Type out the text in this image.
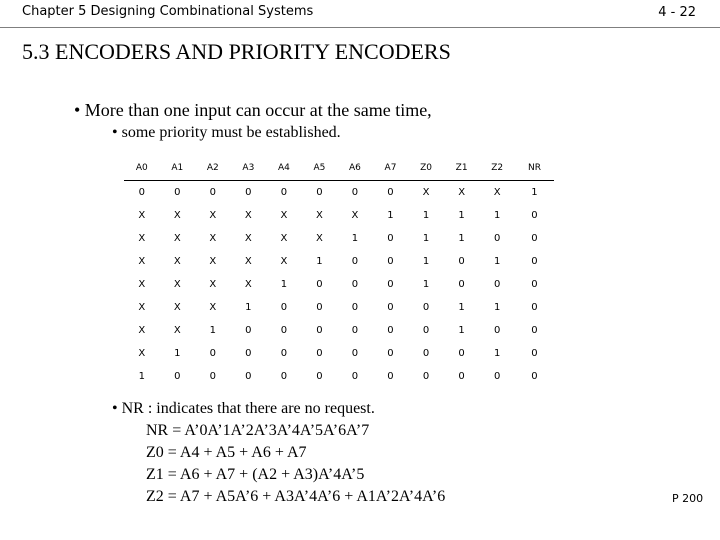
Chapter 5 Designing Combinational Systems	4 - 22
5.3 ENCODERS AND PRIORITY ENCODERS
• More than one input can occur at the same time,
• some priority must be established.
A0	A1	A2	A3	A4	A5	A6	A7	Z0	Z1	Z2	NR
0	0	0	0	0	0	0	0	X	X	X	1
X	X	X	X	X	X	X	1	1	1	1	0
X	X	X	X	X	X	1	0	1	1	0	0
X	X	X	X	X	1	0	0	1	0	1	0
X	X	X	X	1	0	0	0	1	0	0	0
X	X	X	1	0	0	0	0	0	1	1	0
X	X	1	0	0	0	0	0	0	1	0	0
X	1	0	0	0	0	0	0	0	0	1	0
1	0	0	0	0	0	0	0	0	0	0	0
• NR : indicates that there are no request.
NR = A’0A’1A’2A’3A’4A’5A’6A’7
Z0 = A4 + A5 + A6 + A7
Z1 = A6 + A7 + (A2 + A3)A’4A’5
Z2 = A7 + A5A’6 + A3A’4A’6 + A1A’2A’4A’6	P 200
